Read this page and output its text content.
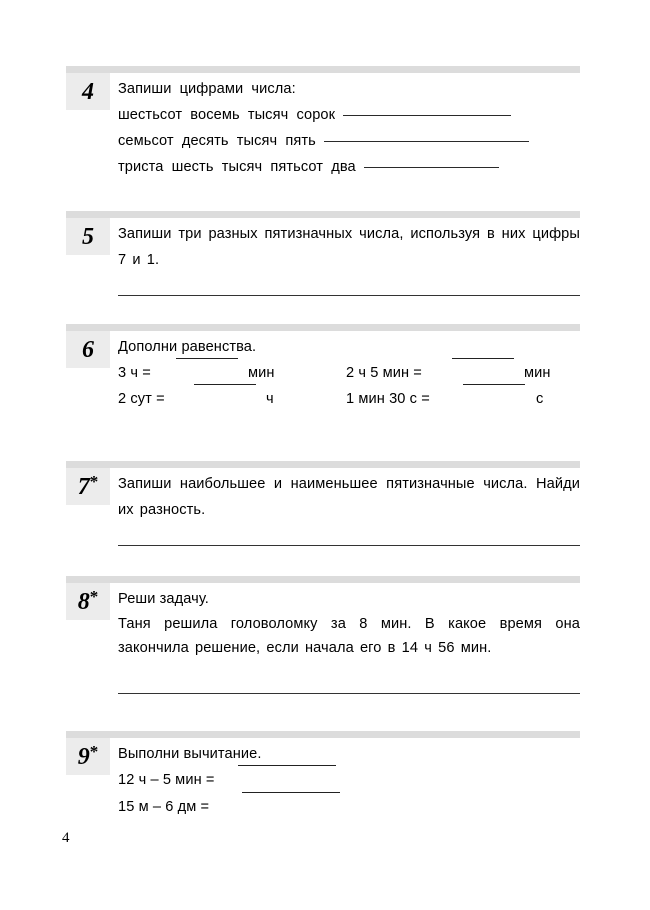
4 Запиши цифрами числа:
шестьсот восемь тысяч сорок
семьсот десять тысяч пять
триста шесть тысяч пятьсот два
5 Запиши три разных пятизначных числа, используя в них цифры 7 и 1.
6 Дополни равенства.
3 ч =	мин	2 ч 5 мин =	мин
2 сут =	ч	1 мин 30 с =	с
7 * Запиши наибольшее и наименьшее пятизначные числа. Найди их разность.
8 * Реши задачу.
Таня решила головоломку за 8 мин. В какое время она закончила решение, если начала его в 14 ч 56 мин.
9 * Выполни вычитание.
12 ч – 5 мин =
15 м – 6 дм =
4
